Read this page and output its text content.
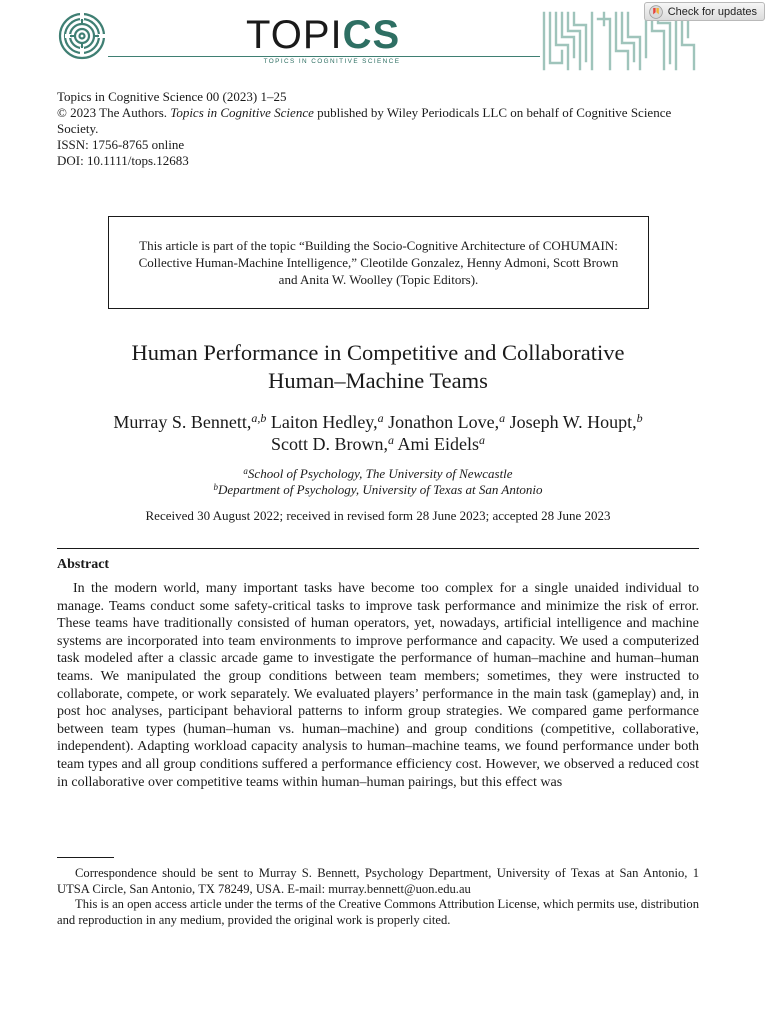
TOPICS
TOPICS IN COGNITIVE SCIENCE
Check for updates
Topics in Cognitive Science 00 (2023) 1–25
© 2023 The Authors. Topics in Cognitive Science published by Wiley Periodicals LLC on behalf of Cognitive Science Society.
ISSN: 1756-8765 online
DOI: 10.1111/tops.12683
This article is part of the topic “Building the Socio-Cognitive Architecture of COHUMAIN: Collective Human-Machine Intelligence,” Cleotilde Gonzalez, Henny Admoni, Scott Brown and Anita W. Woolley (Topic Editors).
Human Performance in Competitive and Collaborative
Human–Machine Teams
Murray S. Bennett,$^{a,b}$ Laiton Hedley,$^a$ Jonathon Love,$^a$ Joseph W. Houpt,$^b$
Scott D. Brown,$^a$ Ami Eidels$^a$
$^a$School of Psychology, The University of Newcastle
$^b$Department of Psychology, University of Texas at San Antonio
Received 30 August 2022; received in revised form 28 June 2023; accepted 28 June 2023
Abstract
In the modern world, many important tasks have become too complex for a single unaided individual to manage. Teams conduct some safety-critical tasks to improve task performance and minimize the risk of error. These teams have traditionally consisted of human operators, yet, nowadays, artificial intelligence and machine systems are incorporated into team environments to improve performance and capacity. We used a computerized task modeled after a classic arcade game to investigate the performance of human–machine and human–human teams. We manipulated the group conditions between team members; sometimes, they were instructed to collaborate, compete, or work separately. We evaluated players’ performance in the main task (gameplay) and, in post hoc analyses, participant behavioral patterns to inform group strategies. We compared game performance between team types (human–human vs. human–machine) and group conditions (competitive, collaborative, independent). Adapting workload capacity analysis to human–machine teams, we found performance under both team types and all group conditions suffered a performance efficiency cost. However, we observed a reduced cost in collaborative over competitive teams within human–human pairings, but this effect was

Correspondence should be sent to Murray S. Bennett, Psychology Department, University of Texas at San Antonio, 1 UTSA Circle, San Antonio, TX 78249, USA. E-mail: murray.bennett@uon.edu.au

This is an open access article under the terms of the Creative Commons Attribution License, which permits use, distribution and reproduction in any medium, provided the original work is properly cited.
